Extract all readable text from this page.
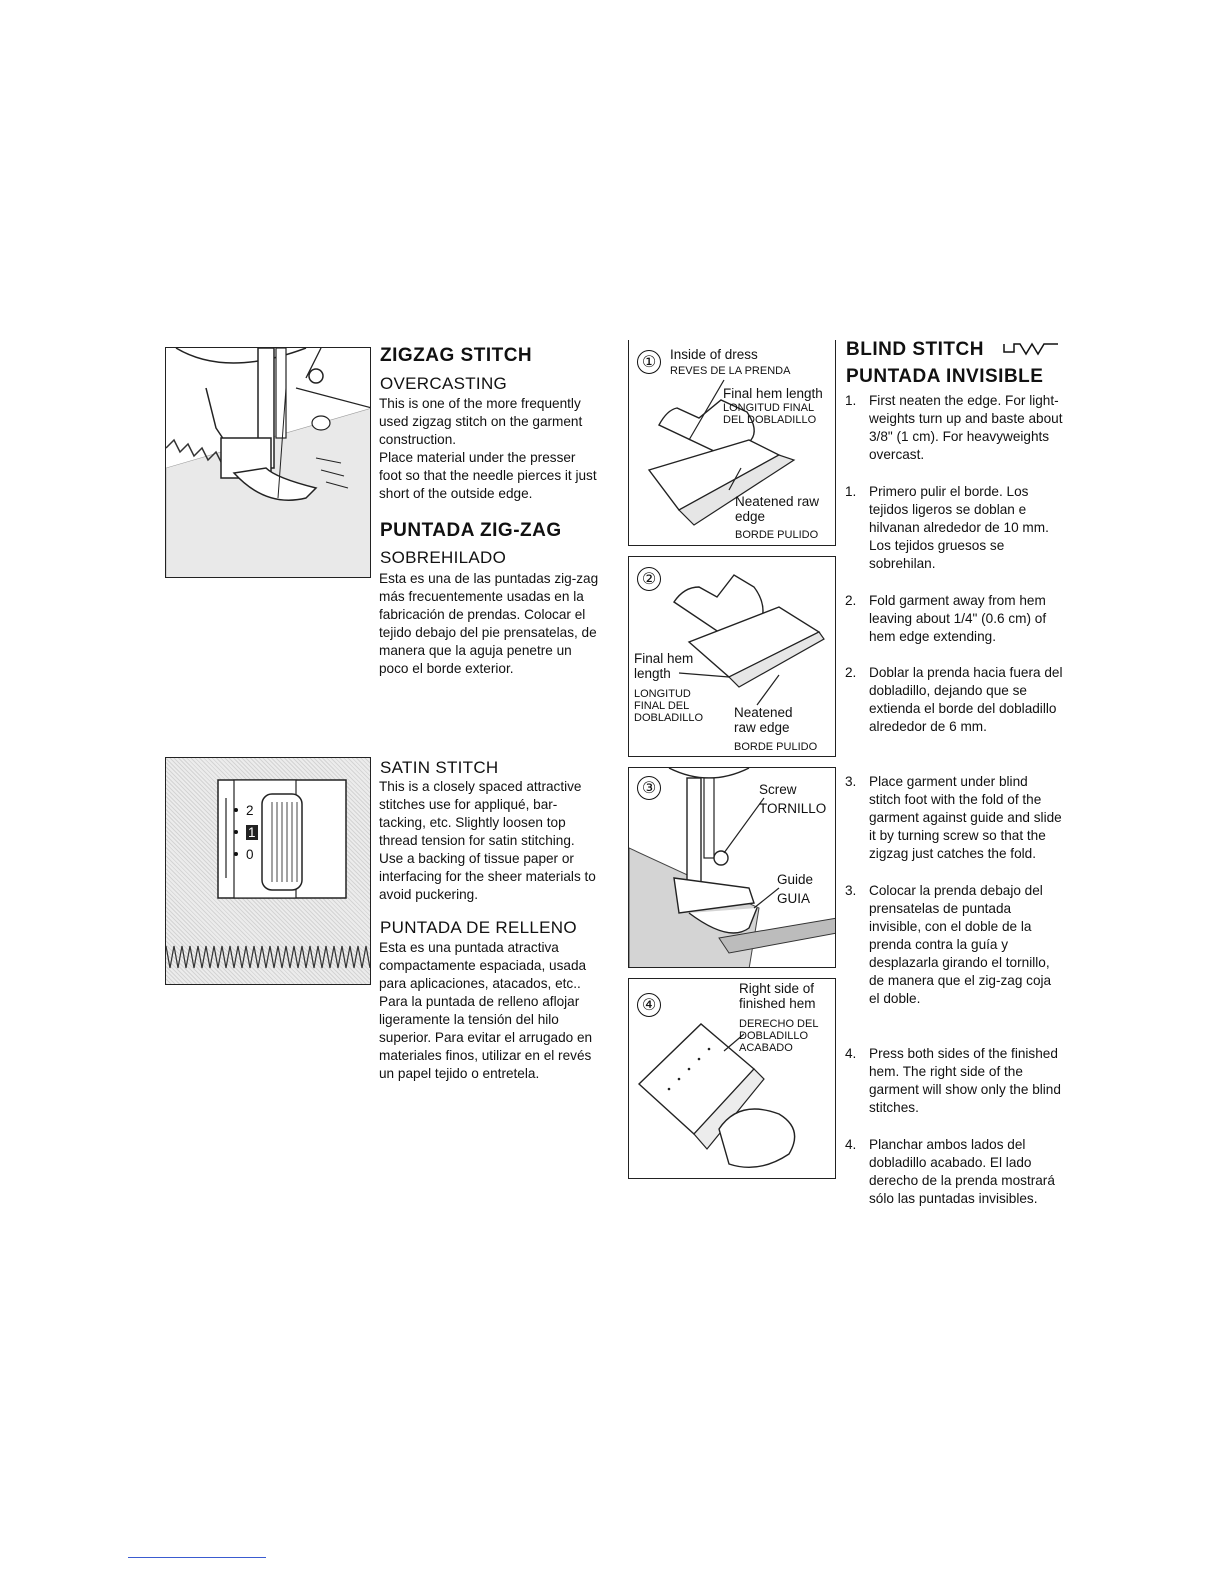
ZIGZAG STITCH
OVERCASTING

This is one of the more frequently used zigzag stitch on the garment construction.

Place material under the presser foot so that the needle pierces it just short of the outside edge.

PUNTADA ZIG-ZAG
SOBREHILADO
Esta es una de las puntadas zig-zag más frecuentemente usadas en la fabricación de prendas. Colocar el tejido debajo del pie prensatelas, de manera que la aguja penetre un poco el borde exterior.
2
1
0
SATIN STITCH

This is a closely spaced attractive stitches use for appliqué, bar-tacking, etc. Slightly loosen top thread tension for satin stitching.

Use a backing of tissue paper or interfacing for the sheer materials to avoid puckering.

PUNTADA DE RELLENO
Esta es una puntada atractiva compactamente espaciada, usada para aplicaciones, atacados, etc.. Para la puntada de relleno aflojar ligeramente la tensión del hilo superior. Para evitar el arrugado en materiales finos, utilizar en el revés un papel tejido o entretela.
①	Inside of dress
REVES DE LA PRENDA
Final hem length
LONGITUD FINAL DEL DOBLADILLO
Neatened raw edge
BORDE PULIDO
②
Final hem length
LONGITUD FINAL DEL DOBLADILLO	Neatened raw edge
BORDE PULIDO
③	Screw
TORNILLO
Guide
GUIA
④
Right side of finished hem
DERECHO DEL DOBLADILLO ACABADO
BLIND STITCH
PUNTADA INVISIBLE
1. First neaten the edge. For light-weights turn up and baste about 3/8" (1 cm). For heavyweights overcast.
1. Primero pulir el borde. Los tejidos ligeros se doblan e hilvanan alrededor de 10 mm. Los tejidos gruesos se sobrehilan.
2. Fold garment away from hem leaving about 1/4" (0.6 cm) of hem edge extending.
2. Doblar la prenda hacia fuera del dobladillo, dejando que se extienda el borde del dobladillo alrededor de 6 mm.
3. Place garment under blind stitch foot with the fold of the garment against guide and slide it by turning screw so that the zigzag just catches the fold.
3. Colocar la prenda debajo del prensatelas de puntada invisible, con el doble de la prenda contra la guía y desplazarla girando el tornillo, de manera que el zig-zag coja el doble.
4. Press both sides of the finished hem. The right side of the garment will show only the blind stitches.
4. Planchar ambos lados del dobladillo acabado. El lado derecho de la prenda mostrará sólo las puntadas invisibles.
